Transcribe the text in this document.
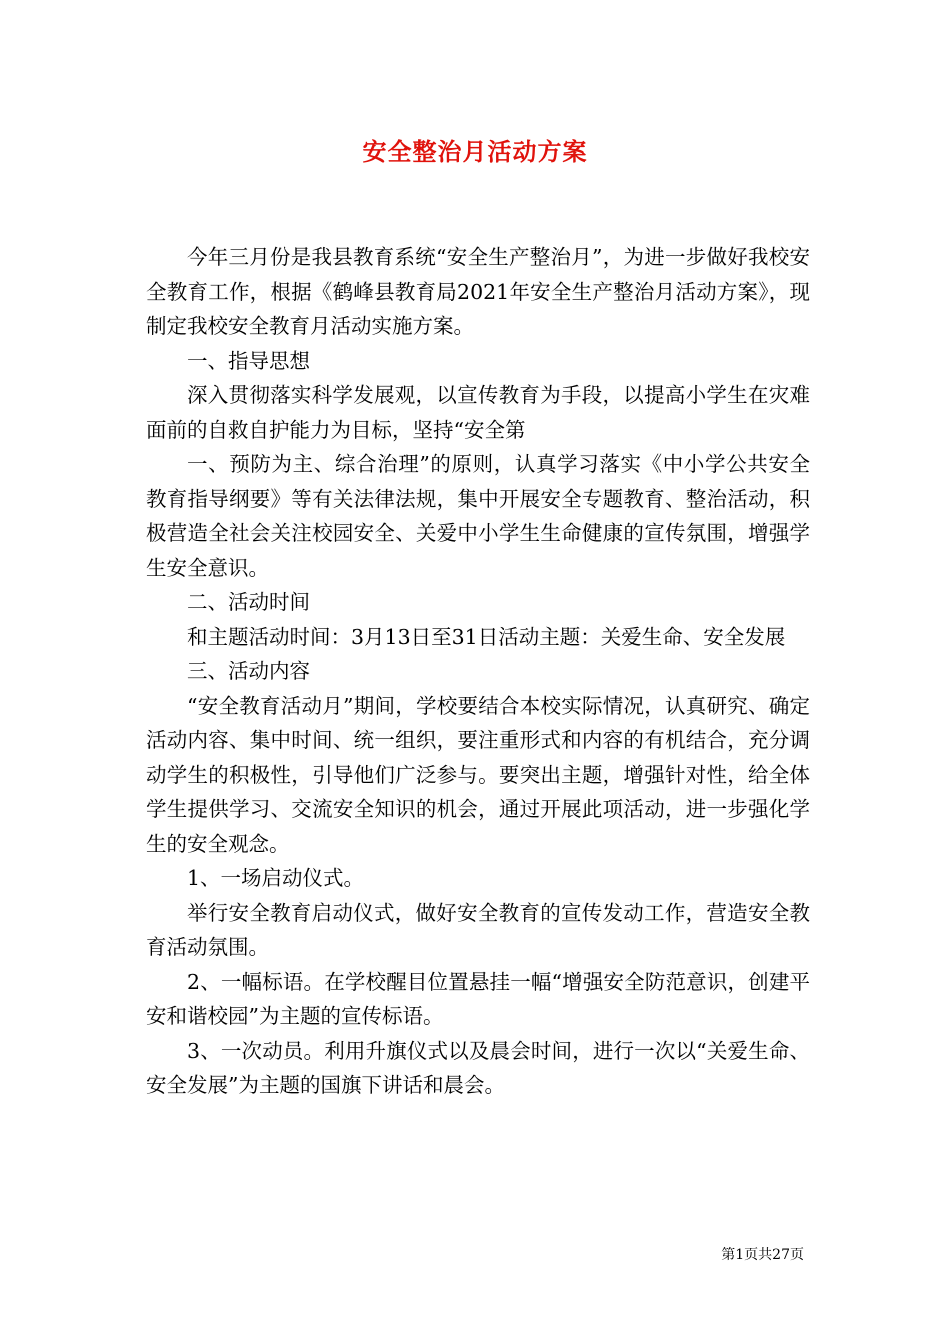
安全整治月活动方案

今年三月份是我县教育系统“安全生产整治月”，为进一步做好我校安全教育工作，根据《鹤峰县教育局2021年安全生产整治月活动方案》，现制定我校安全教育月活动实施方案。

一、指导思想

深入贯彻落实科学发展观，以宣传教育为手段，以提高小学生在灾难面前的自救自护能力为目标，坚持“安全第

一、预防为主、综合治理”的原则，认真学习落实《中小学公共安全教育指导纲要》等有关法律法规，集中开展安全专题教育、整治活动，积极营造全社会关注校园安全、关爱中小学生生命健康的宣传氛围，增强学生安全意识。

二、活动时间

和主题活动时间：3月13日至31日活动主题：关爱生命、安全发展

三、活动内容

“安全教育活动月”期间，学校要结合本校实际情况，认真研究、确定活动内容、集中时间、统一组织，要注重形式和内容的有机结合，充分调动学生的积极性，引导他们广泛参与。要突出主题，增强针对性，给全体学生提供学习、交流安全知识的机会，通过开展此项活动，进一步强化学生的安全观念。

1、一场启动仪式。

举行安全教育启动仪式，做好安全教育的宣传发动工作，营造安全教育活动氛围。

2、一幅标语。在学校醒目位置悬挂一幅“增强安全防范意识，创建平安和谐校园”为主题的宣传标语。

3、一次动员。利用升旗仪式以及晨会时间，进行一次以“关爱生命、安全发展”为主题的国旗下讲话和晨会。

第1页共27页
